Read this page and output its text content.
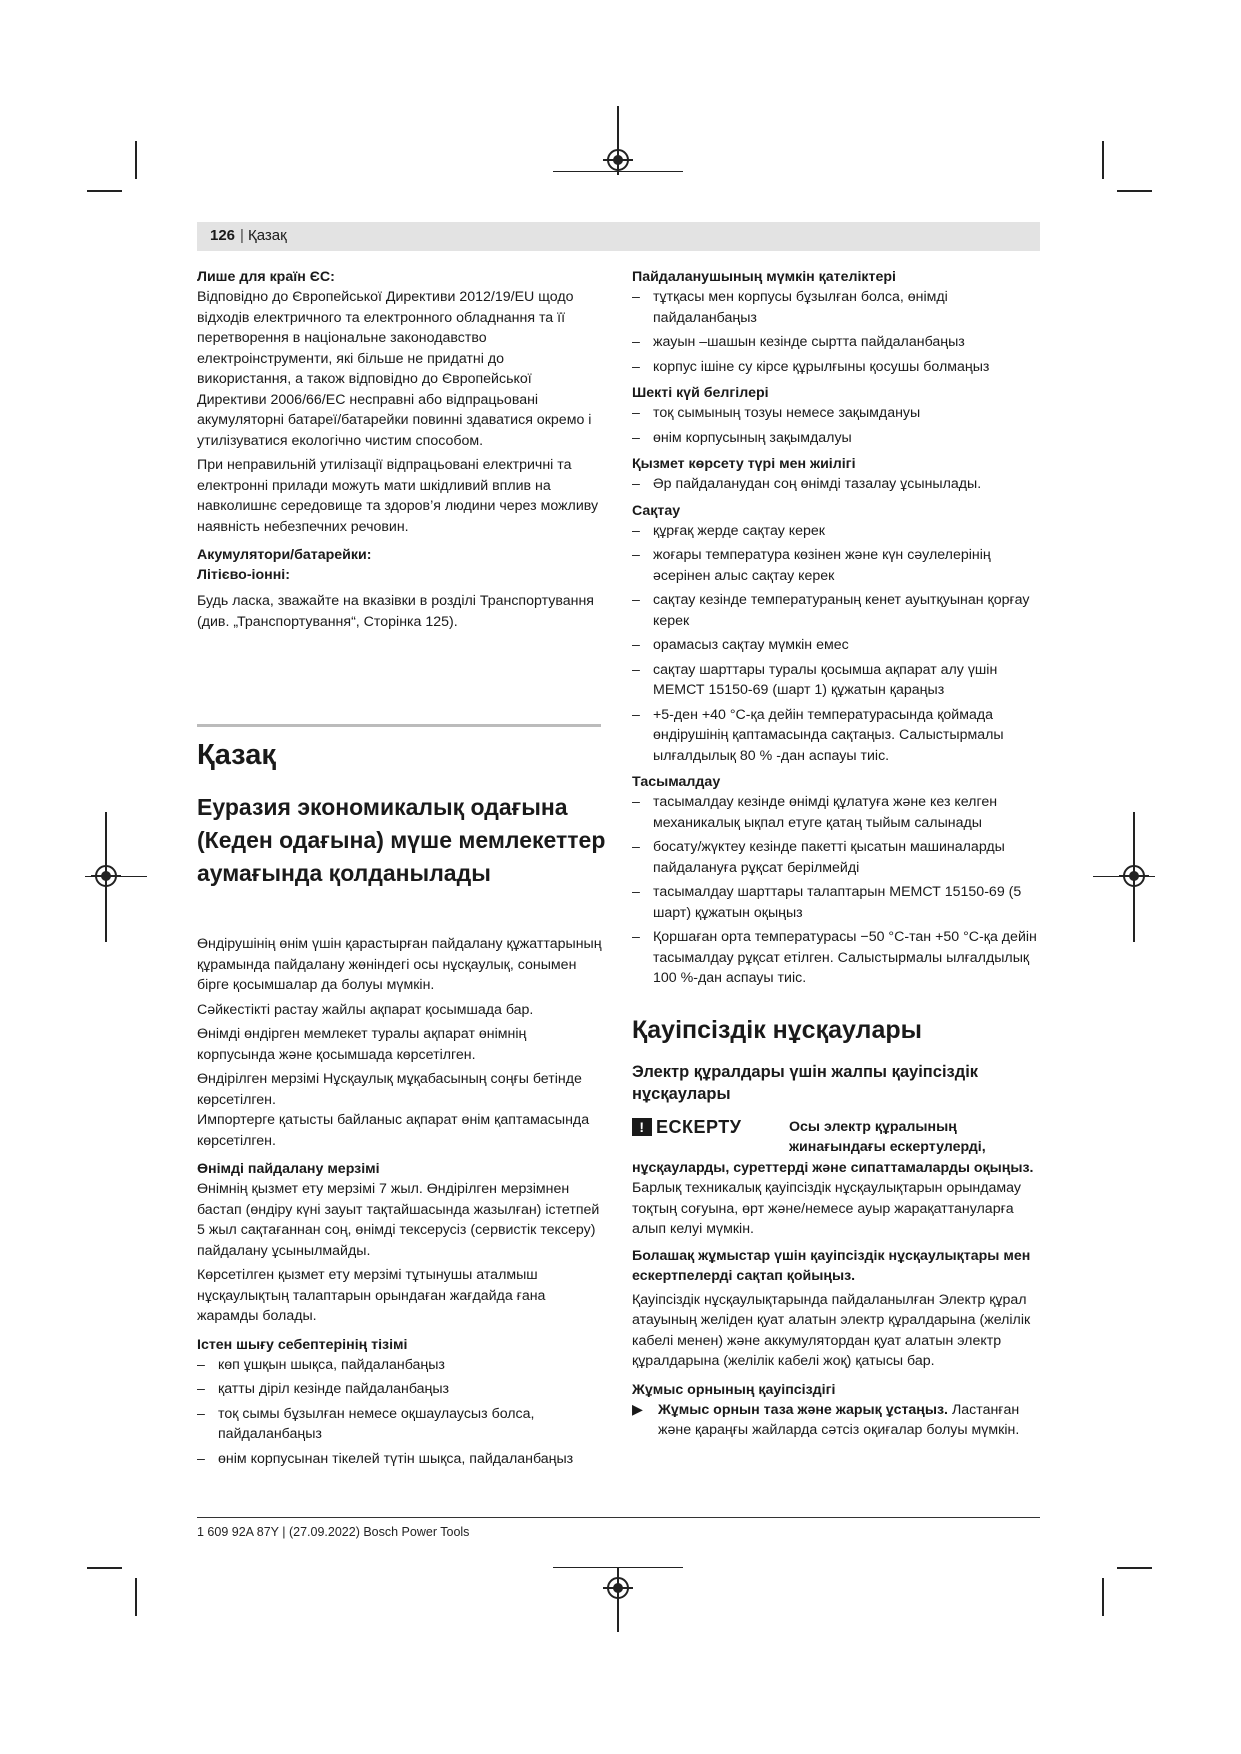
126 | Қазақ
Лише для країн ЄС:

Відповідно до Європейської Директиви 2012/19/EU щодо відходів електричного та електронного обладнання та її перетворення в національне законодавство електроінструменти, які більше не придатні до використання, а також відповідно до Європейської Директиви 2006/66/EC несправні або відпрацьовані акумуляторні батареї/батарейки повинні здаватися окремо і утилізуватися екологічно чистим способом.

При неправильній утилізації відпрацьовані електричні та електронні прилади можуть мати шкідливий вплив на навколишнє середовище та здоров’я людини через можливу наявність небезпечних речовин.

Акумулятори/батарейки:
Літієво-іонні:

Будь ласка, зважайте на вказівки в розділі Транспортування (див. „Транспортування“, Сторінка 125).

Қазақ
Еуразия экономикалық одағына (Кеден одағына) мүше мемлекеттер аумағында қолданылады

Өндірушінің өнім үшін қарастырған пайдалану құжаттарының құрамында пайдалану жөніндегі осы нұсқаулық, сонымен бірге қосымшалар да болуы мүмкін.

Сәйкестікті растау жайлы ақпарат қосымшада бар.

Өнімді өндірген мемлекет туралы ақпарат өнімнің корпусында және қосымшада көрсетілген.

Өндірілген мерзімі Нұсқаулық мұқабасының соңғы бетінде көрсетілген.

Импортерге қатысты байланыс ақпарат өнім қаптамасында көрсетілген.

Өнімді пайдалану мерзімі

Өнімнің қызмет ету мерзімі 7 жыл. Өндірілген мерзімнен бастап (өндіру күні зауыт тақтайшасында жазылған) істетпей 5 жыл сақтағаннан соң, өнімді тексерусіз (сервистік тексеру) пайдалану ұсынылмайды.

Көрсетілген қызмет ету мерзімі тұтынушы аталмыш нұсқаулықтың талаптарын орындаған жағдайда ғана жарамды болады.

Істен шығу себептерінің тізімі
– көп ұшқын шықса, пайдаланбаңыз
– қатты діріл кезінде пайдаланбаңыз
– тоқ сымы бұзылған немесе оқшаулаусыз болса, пайдаланбаңыз
– өнім корпусынан тікелей түтін шықса, пайдаланбаңыз
Пайдаланушының мүмкін қателіктері
– тұтқасы мен корпусы бұзылған болса, өнімді пайдаланбаңыз
– жауын –шашын кезінде сыртта пайдаланбаңыз
– корпус ішіне су кірсе құрылғыны қосушы болмаңыз
Шекті күй белгілері
– тоқ сымының тозуы немесе зақымдануы
– өнім корпусының зақымдалуы
Қызмет көрсету түрі мен жиілігі
– Әр пайдаланудан соң өнімді тазалау ұсынылады.
Сақтау
– құрғақ жерде сақтау керек
– жоғары температура көзінен және күн сәулелерінің әсерінен алыс сақтау керек
– сақтау кезінде температураның кенет ауытқуынан қорғау керек
– орамасыз сақтау мүмкін емес
– сақтау шарттары туралы қосымша ақпарат алу үшін МЕМСТ 15150-69 (шарт 1) құжатын қараңыз
– +5-ден +40 °C-қа дейін температурасында қоймада өндірушінің қаптамасында сақтаңыз. Салыстырмалы ылғалдылық 80 % -дан аспауы тиіс.
Тасымалдау
– тасымалдау кезінде өнімді құлатуға және кез келген механикалық ықпал етуге қатаң тыйым салынады
– босату/жүктеу кезінде пакетті қысатын машиналарды пайдалануға рұқсат берілмейді
– тасымалдау шарттары талаптарын МЕМСТ 15150-69 (5 шарт) құжатын оқыңыз
– Қоршаған орта температурасы −50 °C-тан +50 °C-қа дейін тасымалдау рұқсат етілген. Салыстырмалы ылғалдылық 100 %-дан аспауы тиіс.
Қауіпсіздік нұсқаулары
Электр құралдары үшін жалпы қауіпсіздік нұсқаулары
!
ЕСКЕРТУ	Осы электр құралының жинағындағы ескертулерді,
нұсқауларды, суреттерді және сипаттамаларды оқыңыз. Барлық техникалық қауіпсіздік нұсқаулықтарын орындамау тоқтың соғуына, өрт және/немесе ауыр жарақаттануларға алып келуі мүмкін.
Болашақ жұмыстар үшін қауіпсіздік нұсқаулықтары мен ескертпелерді сақтап қойыңыз.

Қауіпсіздік нұсқаулықтарында пайдаланылған Электр құрал атауының желіден қуат алатын электр құралдарына (желілік кабелі менен) және аккумулятордан қуат алатын электр құралдарына (желілік кабелі жоқ) қатысы бар.

Жұмыс орнының қауіпсіздігі
▶ Жұмыс орнын таза және жарық ұстаңыз. Ластанған және қараңғы жайларда сәтсіз оқиғалар болуы мүмкін.
1 609 92A 87Y | (27.09.2022) Bosch Power Tools
